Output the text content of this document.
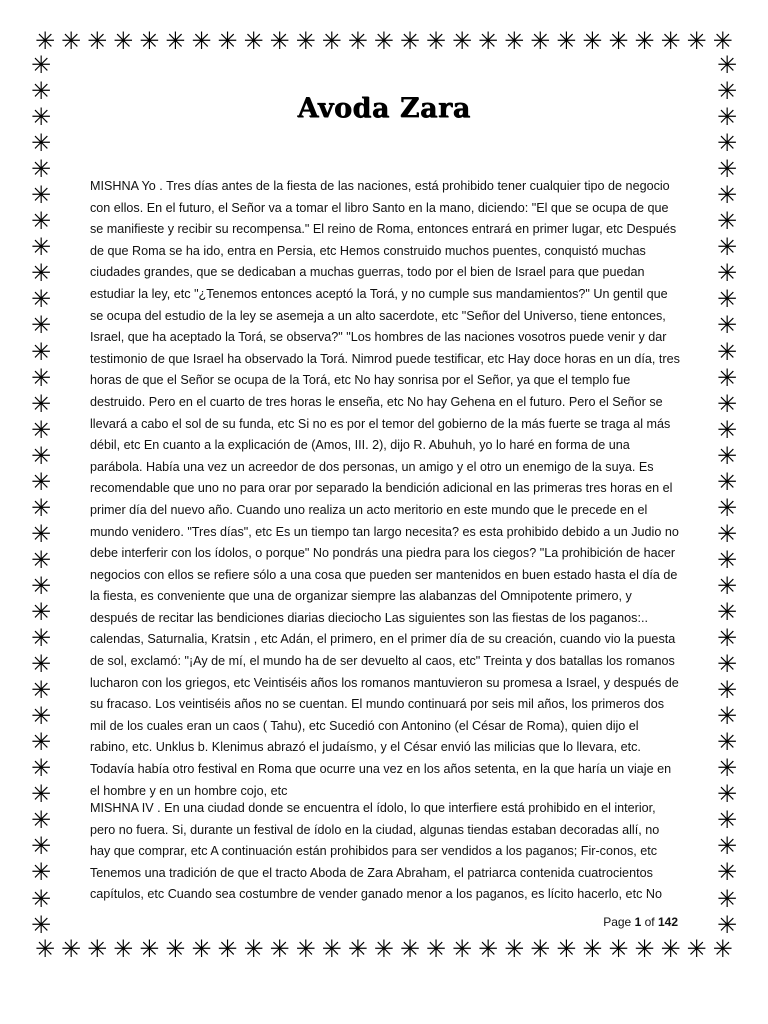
✳ ✳ ✳ ✳ ✳ ✳ ✳ ✳ ✳ ✳ ✳ ✳ ✳ ✳ ✳ ✳ ✳ ✳ ✳ ✳ ✳ ✳ ✳ ✳ ✳ ✳ ✳
✳ ✳ ✳ ✳ ✳ ✳ ✳ ✳ ✳ ✳ ✳ ✳ ✳ ✳ ✳ ✳ ✳ ✳ ✳ ✳ ✳ ✳ ✳ ✳ ✳ ✳ ✳
✳
✳
✳
✳
✳
✳
✳
✳
✳
✳
✳
✳
✳
✳
✳
✳
✳
✳
✳
✳
✳
✳
✳
✳
✳
✳
✳
✳
✳
✳
✳
✳
✳
✳
✳
✳
✳
✳
✳
✳
✳
✳
✳
✳
✳
✳
✳
✳
✳
✳
✳
✳
✳
✳
✳
✳
✳
✳
✳
✳
✳
✳
✳
✳
✳
✳
✳
✳
Avoda Zara

MISHNA Yo . Tres días antes de la fiesta de las naciones, está prohibido tener cualquier tipo de negocio con ellos. En el futuro, el Señor va a tomar el libro Santo en la mano, diciendo: "El que se ocupa de que se manifieste y recibir su recompensa." El reino de Roma, entonces entrará en primer lugar, etc Después de que Roma se ha ido, entra en Persia, etc Hemos construido muchos puentes, conquistó muchas ciudades grandes, que se dedicaban a muchas guerras, todo por el bien de Israel para que puedan estudiar la ley, etc "¿Tenemos entonces aceptó la Torá, y no cumple sus mandamientos?" Un gentil que se ocupa del estudio de la ley se asemeja a un alto sacerdote, etc "Señor del Universo, tiene entonces, Israel, que ha aceptado la Torá, se observa?" "Los hombres de las naciones vosotros puede venir y dar testimonio de que Israel ha observado la Torá. Nimrod puede testificar, etc Hay doce horas en un día, tres horas de que el Señor se ocupa de la Torá, etc No hay sonrisa por el Señor, ya que el templo fue destruido. Pero en el cuarto de tres horas le enseña, etc No hay Gehena en el futuro. Pero el Señor se llevará a cabo el sol de su funda, etc Si no es por el temor del gobierno de la más fuerte se traga al más débil, etc En cuanto a la explicación de (Amos, III. 2), dijo R. Abuhuh, yo lo haré en forma de una parábola. Había una vez un acreedor de dos personas, un amigo y el otro un enemigo de la suya. Es recomendable que uno no para orar por separado la bendición adicional en las primeras tres horas en el primer día del nuevo año. Cuando uno realiza un acto meritorio en este mundo que le precede en el mundo venidero. "Tres días", etc Es un tiempo tan largo necesita? es esta prohibido debido a un Judio no debe interferir con los ídolos, o porque" No pondrás una piedra para los ciegos? "La prohibición de hacer negocios con ellos se refiere sólo a una cosa que pueden ser mantenidos en buen estado hasta el día de la fiesta, es conveniente que una de organizar siempre las alabanzas del Omnipotente primero, y después de recitar las bendiciones diarias dieciocho Las siguientes son las fiestas de los paganos:.. calendas, Saturnalia, Kratsin , etc Adán, el primero, en el primer día de su creación, cuando vio la puesta de sol, exclamó: "¡Ay de mí, el mundo ha de ser devuelto al caos, etc" Treinta y dos batallas los romanos lucharon con los griegos, etc Veintiséis años los romanos mantuvieron su promesa a Israel, y después de su fracaso. Los veintiséis años no se cuentan. El mundo continuará por seis mil años, los primeros dos mil de los cuales eran un caos ( Tahu), etc Sucedió con Antonino (el César de Roma), quien dijo el rabino, etc. Unklus b. Klenimus abrazó el judaísmo, y el César envió las milicias que lo llevara, etc. Todavía había otro festival en Roma que ocurre una vez en los años setenta, en la que haría un viaje en el hombre y en un hombre cojo, etc

MISHNA IV . En una ciudad donde se encuentra el ídolo, lo que interfiere está prohibido en el interior, pero no fuera. Si, durante un festival de ídolo en la ciudad, algunas tiendas estaban decoradas allí, no hay que comprar, etc A continuación están prohibidos para ser vendidos a los paganos; Fir-conos, etc Tenemos una tradición de que el tracto Aboda de Zara Abraham, el patriarca contenida cuatrocientos capítulos, etc Cuando sea costumbre de vender ganado menor a los paganos, es lícito hacerlo, etc No

Page 1 of 142
